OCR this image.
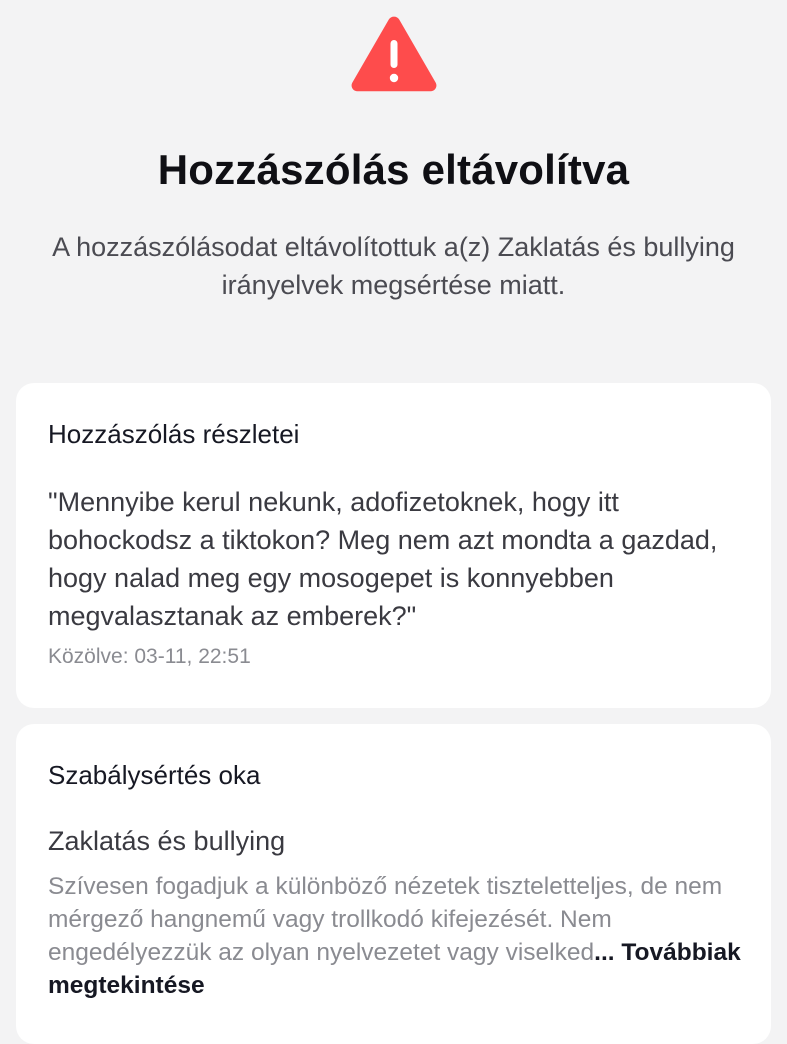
Hozzászólás eltávolítva
A hozzászólásodat eltávolítottuk a(z) Zaklatás és bullying irányelvek megsértése miatt.
Hozzászólás részletei
"Mennyibe kerul nekunk, adofizetoknek, hogy itt bohockodsz a tiktokon? Meg nem azt mondta a gazdad, hogy nalad meg egy mosogepet is konnyebben megvalasztanak az emberek?"
Közölve: 03-11, 22:51
Szabálysértés oka
Zaklatás és bullying
Szívesen fogadjuk a különböző nézetek tiszteletteljes, de nem mérgező hangnemű vagy trollkodó kifejezését. Nem engedélyezzük az olyan nyelvezetet vagy viselked... Továbbiak megtekintése
